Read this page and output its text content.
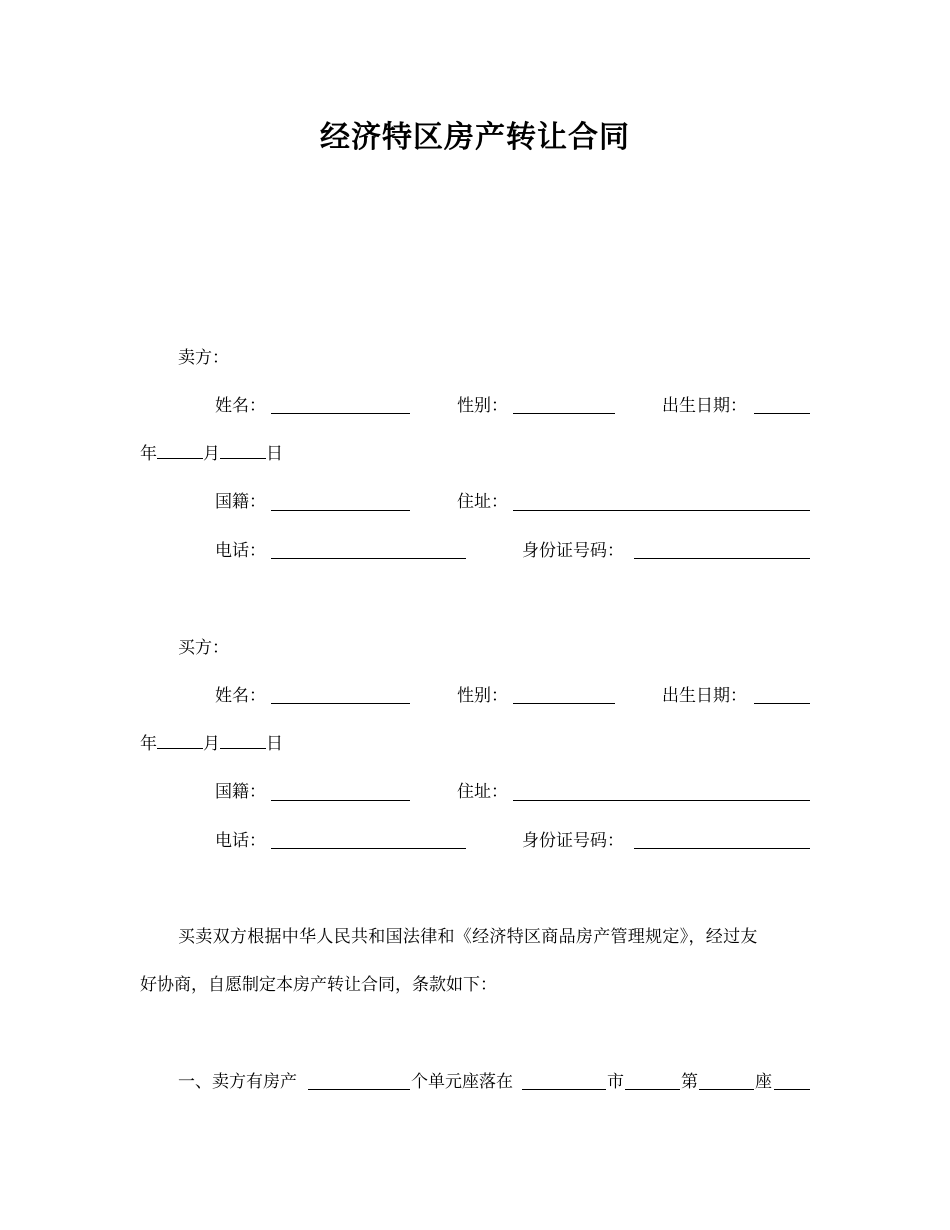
经济特区房产转让合同
卖方：
姓名：	性别：	出生日期：
年	月	日
国籍：	住址：
电话：	身份证号码：
买方：
姓名：	性别：	出生日期：
年	月	日
国籍：	住址：
电话：	身份证号码：
买卖双方根据中华人民共和国法律和《经济特区商品房产管理规定》，经过友
好协商，自愿制定本房产转让合同，条款如下：
一、卖方有房产	个单元座落在	市	第	座
